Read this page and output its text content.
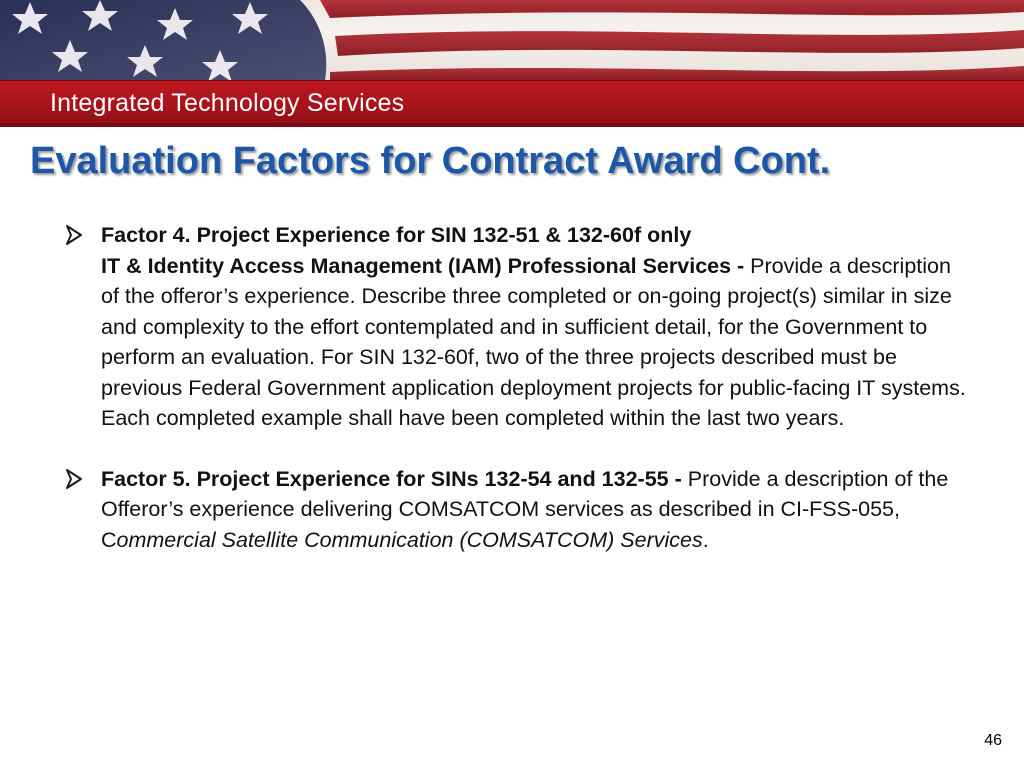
Integrated Technology Services
Evaluation Factors for Contract Award Cont.
Factor 4. Project Experience for SIN 132-51 & 132-60f only
IT & Identity Access Management (IAM) Professional Services - Provide a description of the offeror’s experience. Describe three completed or on-going project(s) similar in size and complexity to the effort contemplated and in sufficient detail, for the Government to perform an evaluation. For SIN 132-60f, two of the three projects described must be previous Federal Government application deployment projects for public-facing IT systems. Each completed example shall have been completed within the last two years.
Factor 5. Project Experience for SINs 132-54 and 132-55 - Provide a description of the Offeror’s experience delivering COMSATCOM services as described in CI-FSS-055, Commercial Satellite Communication (COMSATCOM) Services.
46
